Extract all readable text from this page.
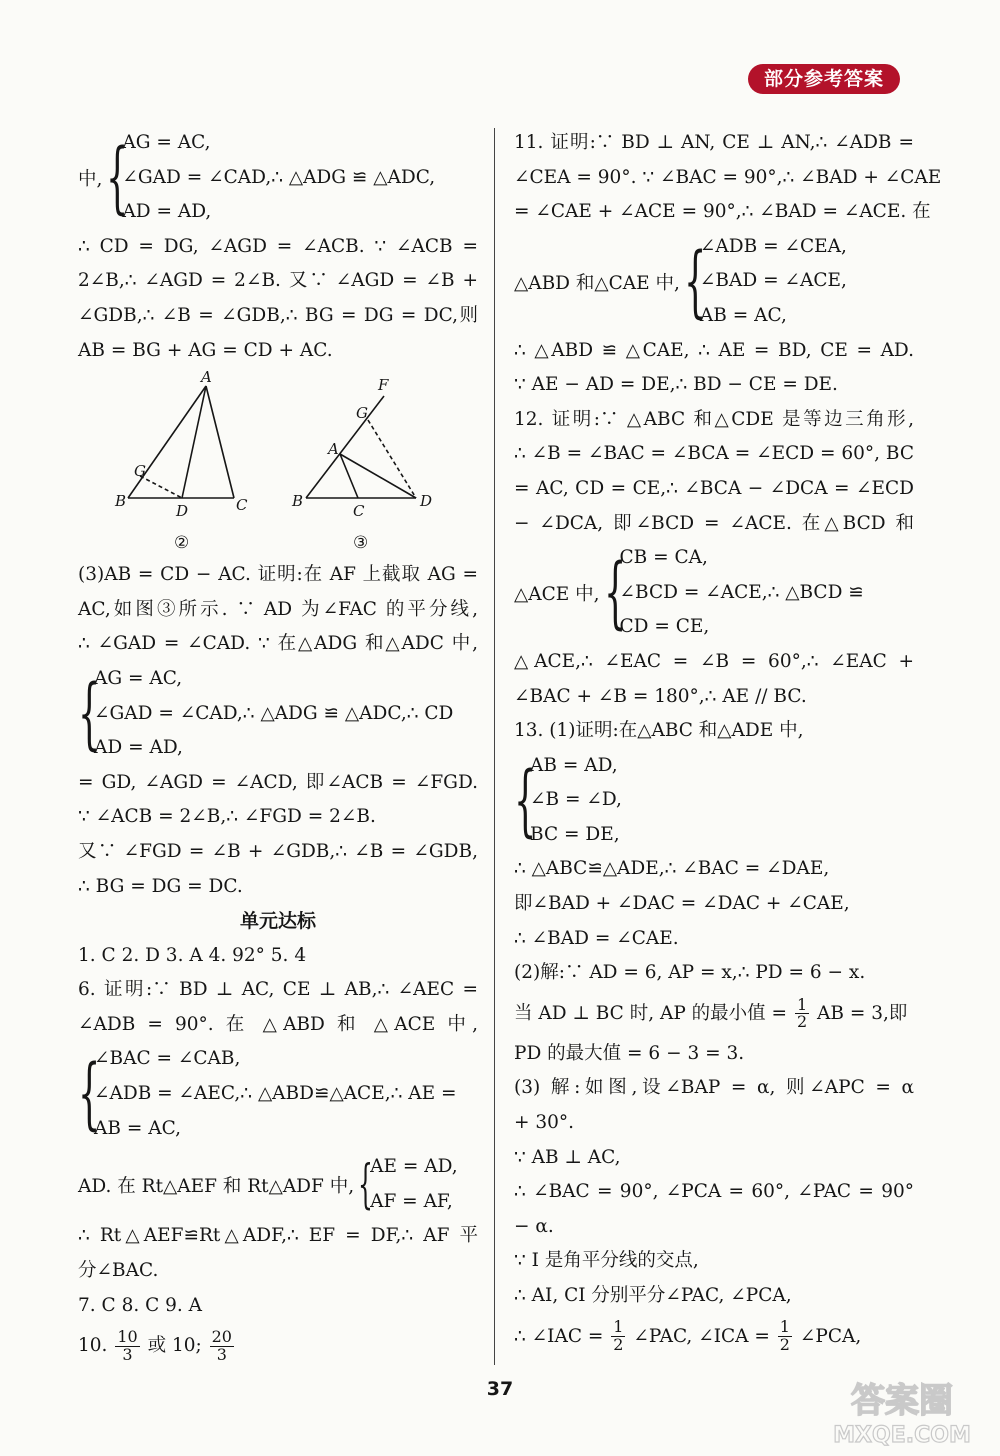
部分参考答案
中, {
AG = AC,
∠GAD = ∠CAD,∴ △ADG ≌ △ADC,
AD = AD,
∴ CD = DG, ∠AGD = ∠ACB. ∵ ∠ACB =
2∠B,∴ ∠AGD = 2∠B. 又∵ ∠AGD = ∠B +
∠GDB,∴ ∠B = ∠GDB,∴ BG = DG = DC,则
AB = BG + AG = CD + AC.
A
G
B
D	C
F
G
A
B
C
D
②	③
(3)AB = CD − AC. 证明:在 AF 上截取 AG =
AC,如图③所示. ∵ AD 为∠FAC 的平分线,
∴ ∠GAD = ∠CAD. ∵ 在△ADG 和△ADC 中,
{
AG = AC,
∠GAD = ∠CAD,∴ △ADG ≌ △ADC,∴ CD
AD = AD,
= GD, ∠AGD = ∠ACD, 即∠ACB = ∠FGD.
∵ ∠ACB = 2∠B,∴ ∠FGD = 2∠B.
又∵ ∠FGD = ∠B + ∠GDB,∴ ∠B = ∠GDB,
∴ BG = DG = DC.
单元达标
1. C 2. D 3. A 4. 92° 5. 4
6. 证明:∵ BD ⊥ AC, CE ⊥ AB,∴ ∠AEC =
∠ADB = 90°. 在 △ABD 和 △ACE 中,
{
∠BAC = ∠CAB,
∠ADB = ∠AEC,∴ △ABD≌△ACE,∴ AE =
AB = AC,
AD. 在 Rt△AEF 和 Rt△ADF 中, {
AE = AD,
AF = AF,
∴ Rt△AEF≌Rt△ADF,∴ EF = DF,∴ AF 平
分∠BAC.
7. C 8. C 9. A
10. $\frac{10}{3}$ 或 10; $\frac{20}{3}$
11. 证明:∵ BD ⊥ AN, CE ⊥ AN,∴ ∠ADB =
∠CEA = 90°. ∵ ∠BAC = 90°,∴ ∠BAD + ∠CAE
= ∠CAE + ∠ACE = 90°,∴ ∠BAD = ∠ACE. 在
△ABD 和△CAE 中, {
∠ADB = ∠CEA,
∠BAD = ∠ACE,
AB = AC,
∴ △ABD ≌ △CAE, ∴ AE = BD, CE = AD.
∵ AE − AD = DE,∴ BD − CE = DE.
12. 证明:∵ △ABC 和△CDE 是等边三角形,
∴ ∠B = ∠BAC = ∠BCA = ∠ECD = 60°, BC
= AC, CD = CE,∴ ∠BCA − ∠DCA = ∠ECD
− ∠DCA, 即∠BCD = ∠ACE. 在△BCD 和
△ACE 中, {
CB = CA,
∠BCD = ∠ACE,∴ △BCD ≌
CD = CE,
△ACE,∴ ∠EAC = ∠B = 60°,∴ ∠EAC +
∠BAC + ∠B = 180°,∴ AE // BC.
13. (1)证明:在△ABC 和△ADE 中,
{
AB = AD,
∠B = ∠D,
BC = DE,
∴ △ABC≌△ADE,∴ ∠BAC = ∠DAE,
即∠BAD + ∠DAC = ∠DAC + ∠CAE,
∴ ∠BAD = ∠CAE.
(2)解:∵ AD = 6, AP = x,∴ PD = 6 − x.
当 AD ⊥ BC 时, AP 的最小值 = $\frac{1}{2}$ AB = 3,即
PD 的最大值 = 6 − 3 = 3.
(3) 解:如图,设∠BAP = α, 则∠APC = α
+ 30°.
∵ AB ⊥ AC,
∴ ∠BAC = 90°, ∠PCA = 60°, ∠PAC = 90°
− α.
∵ I 是角平分线的交点,
∴ AI, CI 分别平分∠PAC, ∠PCA,
∴ ∠IAC = $\frac{1}{2}$ ∠PAC, ∠ICA = $\frac{1}{2}$ ∠PCA,
37	答案圈
MXQE.COM
